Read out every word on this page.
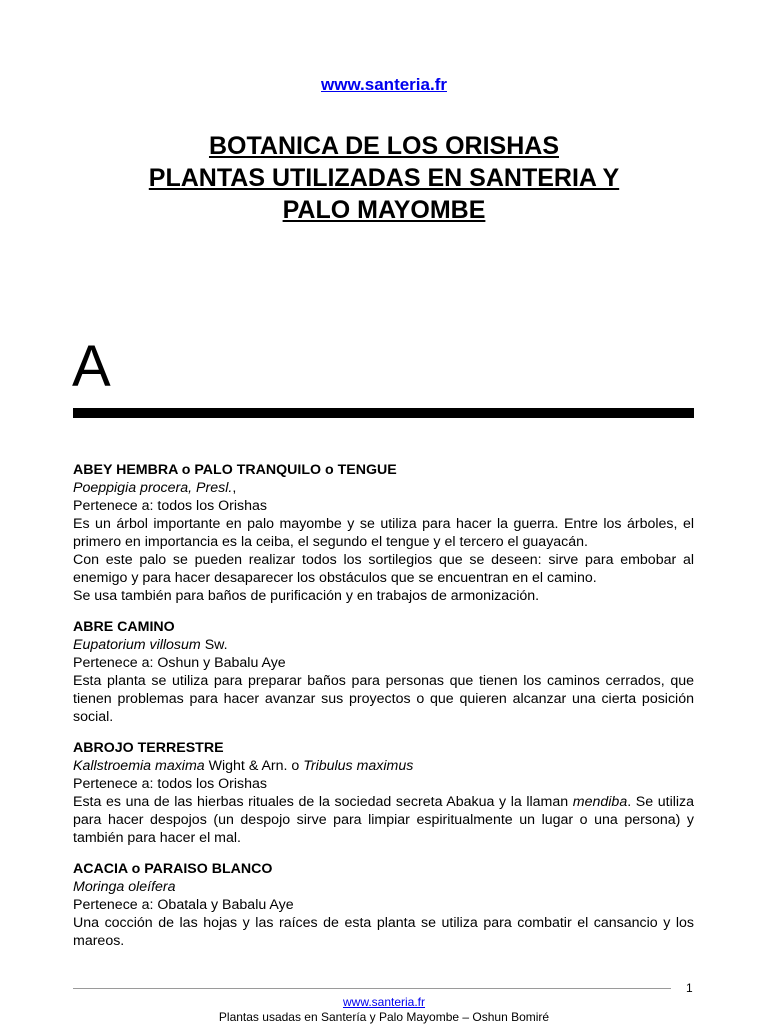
www.santeria.fr
BOTANICA DE LOS ORISHAS
PLANTAS UTILIZADAS EN SANTERIA Y
PALO MAYOMBE
A
ABEY HEMBRA o PALO TRANQUILO o TENGUE
Poeppigia procera, Presl.,
Pertenece a: todos los Orishas
Es un árbol importante en palo mayombe y se utiliza para hacer la guerra. Entre los árboles, el primero en importancia es la ceiba, el segundo el tengue y el tercero el guayacán.
Con este palo se pueden realizar todos los sortilegios que se deseen: sirve para embobar al enemigo y para hacer desaparecer los obstáculos que se encuentran en el camino.
Se usa también para baños de purificación y en trabajos de armonización.
ABRE CAMINO
Eupatorium villosum Sw.
Pertenece a: Oshun y Babalu Aye
Esta planta se utiliza para preparar baños para personas que tienen los caminos cerrados, que tienen problemas para hacer avanzar sus proyectos o que quieren alcanzar una cierta posición social.
ABROJO TERRESTRE
Kallstroemia maxima Wight & Arn. o Tribulus maximus
Pertenece a: todos los Orishas
Esta es una de las hierbas rituales de la sociedad secreta Abakua y la llaman mendiba. Se utiliza para hacer despojos (un despojo sirve para limpiar espiritualmente un lugar o una persona) y también para hacer el mal.
ACACIA o PARAISO BLANCO
Moringa oleífera
Pertenece a: Obatala y Babalu Aye
Una cocción de las hojas y las raíces de esta planta se utiliza para combatir el cansancio y los mareos.
1
www.santeria.fr
Plantas usadas en Santería y Palo Mayombe – Oshun Bomiré
